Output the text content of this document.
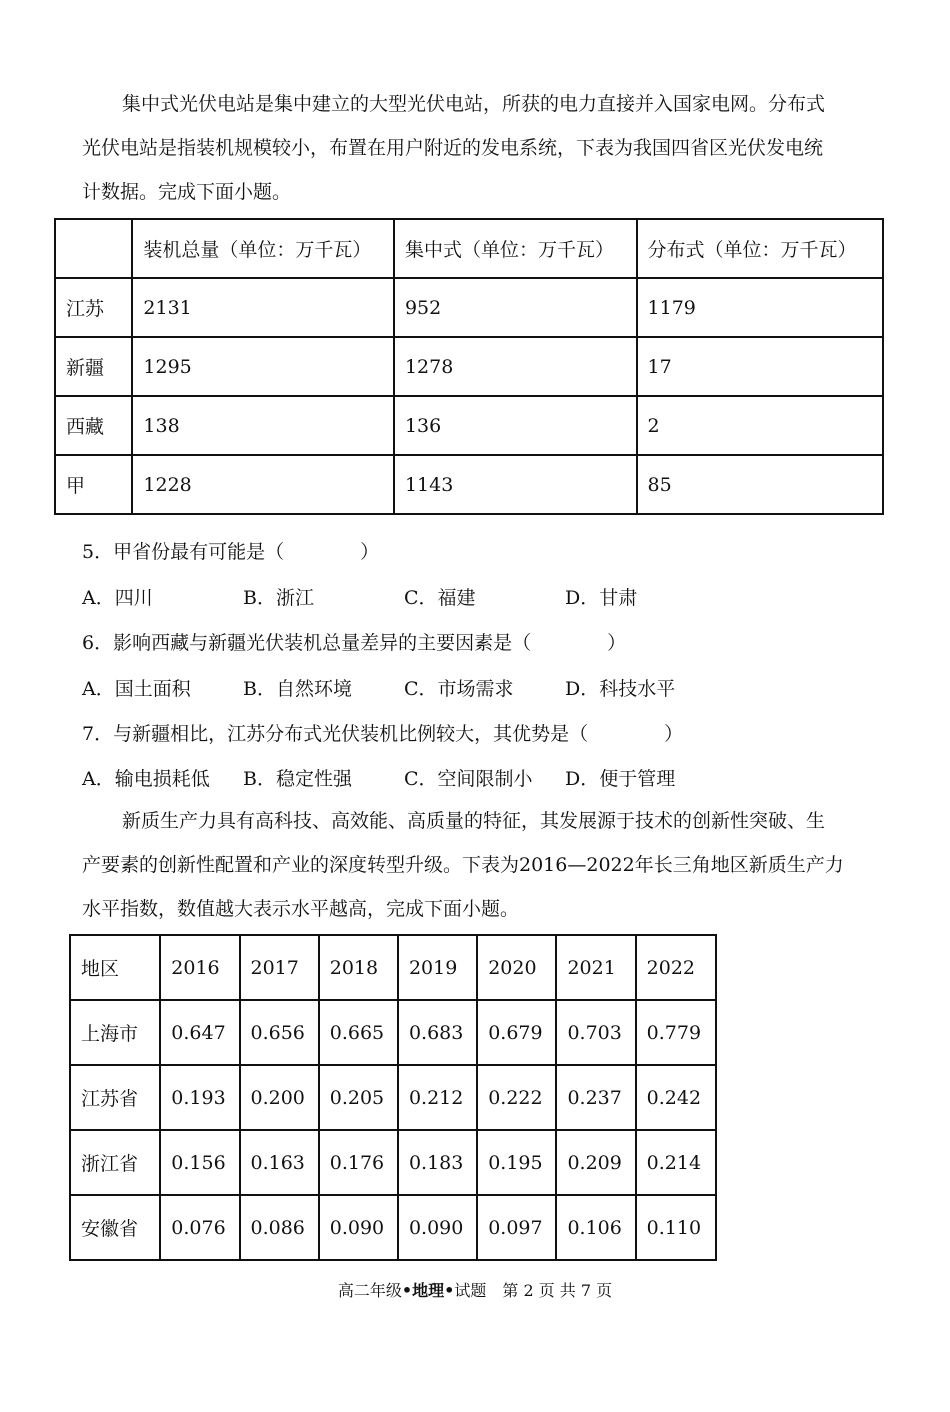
集中式光伏电站是集中建立的大型光伏电站，所获的电力直接并入国家电网。分布式
光伏电站是指装机规模较小，布置在用户附近的发电系统，下表为我国四省区光伏发电统
计数据。完成下面小题。
	装机总量（单位：万千瓦）	集中式（单位：万千瓦）	分布式（单位：万千瓦）
江苏	2131	952	1179
新疆	1295	1278	17
西藏	138	136	2
甲	1228	1143	85
5．甲省份最有可能是（　　　　）
A．四川	B．浙江	C．福建	D．甘肃
6．影响西藏与新疆光伏装机总量差异的主要因素是（　　　　）
A．国土面积	B．自然环境	C．市场需求	D．科技水平
7．与新疆相比，江苏分布式光伏装机比例较大，其优势是（　　　　）
A．输电损耗低 B．稳定性强	C．空间限制小 D．便于管理
新质生产力具有高科技、高效能、高质量的特征，其发展源于技术的创新性突破、生
产要素的创新性配置和产业的深度转型升级。下表为2016—2022年长三角地区新质生产力
水平指数，数值越大表示水平越高，完成下面小题。
地区	2016	2017	2018	2019	2020	2021	2022
上海市	0.647	0.656	0.665	0.683	0.679	0.703	0.779
江苏省	0.193	0.200	0.205	0.212	0.222	0.237	0.242
浙江省	0.156	0.163	0.176	0.183	0.195	0.209	0.214
安徽省	0.076	0.086	0.090	0.090	0.097	0.106	0.110
高二年级•地理•试题  第 2 页 共 7 页
